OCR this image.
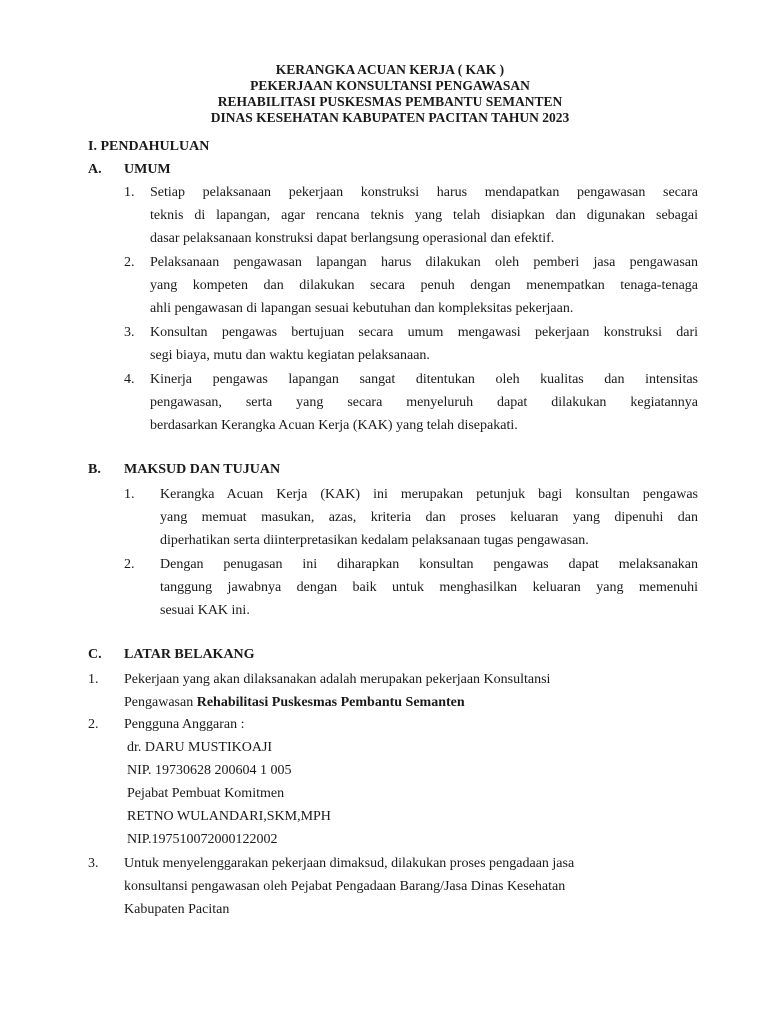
KERANGKA ACUAN KERJA ( KAK )
PEKERJAAN KONSULTANSI PENGAWASAN
REHABILITASI PUSKESMAS PEMBANTU SEMANTEN
DINAS KESEHATAN KABUPATEN PACITAN TAHUN 2023
I. PENDAHULUAN
A. UMUM
1. Setiap pelaksanaan pekerjaan konstruksi harus mendapatkan pengawasan secara
teknis di lapangan, agar rencana teknis yang telah disiapkan dan digunakan sebagai
dasar pelaksanaan konstruksi dapat berlangsung operasional dan efektif.
2. Pelaksanaan pengawasan lapangan harus dilakukan oleh pemberi jasa pengawasan
yang kompeten dan dilakukan secara penuh dengan menempatkan tenaga-tenaga
ahli pengawasan di lapangan sesuai kebutuhan dan kompleksitas pekerjaan.
3. Konsultan pengawas bertujuan secara umum mengawasi pekerjaan konstruksi dari
segi biaya, mutu dan waktu kegiatan pelaksanaan.
4. Kinerja pengawas lapangan sangat ditentukan oleh kualitas dan intensitas
pengawasan, serta yang secara menyeluruh dapat dilakukan kegiatannya
berdasarkan Kerangka Acuan Kerja (KAK) yang telah disepakati.
B. MAKSUD DAN TUJUAN
1. Kerangka Acuan Kerja (KAK) ini merupakan petunjuk bagi konsultan pengawas
yang memuat masukan, azas, kriteria dan proses keluaran yang dipenuhi dan
diperhatikan serta diinterpretasikan kedalam pelaksanaan tugas pengawasan.
2. Dengan penugasan ini diharapkan konsultan pengawas dapat melaksanakan
tanggung jawabnya dengan baik untuk menghasilkan keluaran yang memenuhi
sesuai KAK ini.
C. LATAR BELAKANG
1. Pekerjaan yang akan dilaksanakan adalah merupakan pekerjaan Konsultansi
Pengawasan Rehabilitasi Puskesmas Pembantu Semanten
2. Pengguna Anggaran :
dr. DARU MUSTIKOAJI
NIP. 19730628 200604 1 005
Pejabat Pembuat Komitmen
RETNO WULANDARI,SKM,MPH
NIP.197510072000122002
3. Untuk menyelenggarakan pekerjaan dimaksud, dilakukan proses pengadaan jasa
konsultansi pengawasan oleh Pejabat Pengadaan Barang/Jasa Dinas Kesehatan
Kabupaten Pacitan
